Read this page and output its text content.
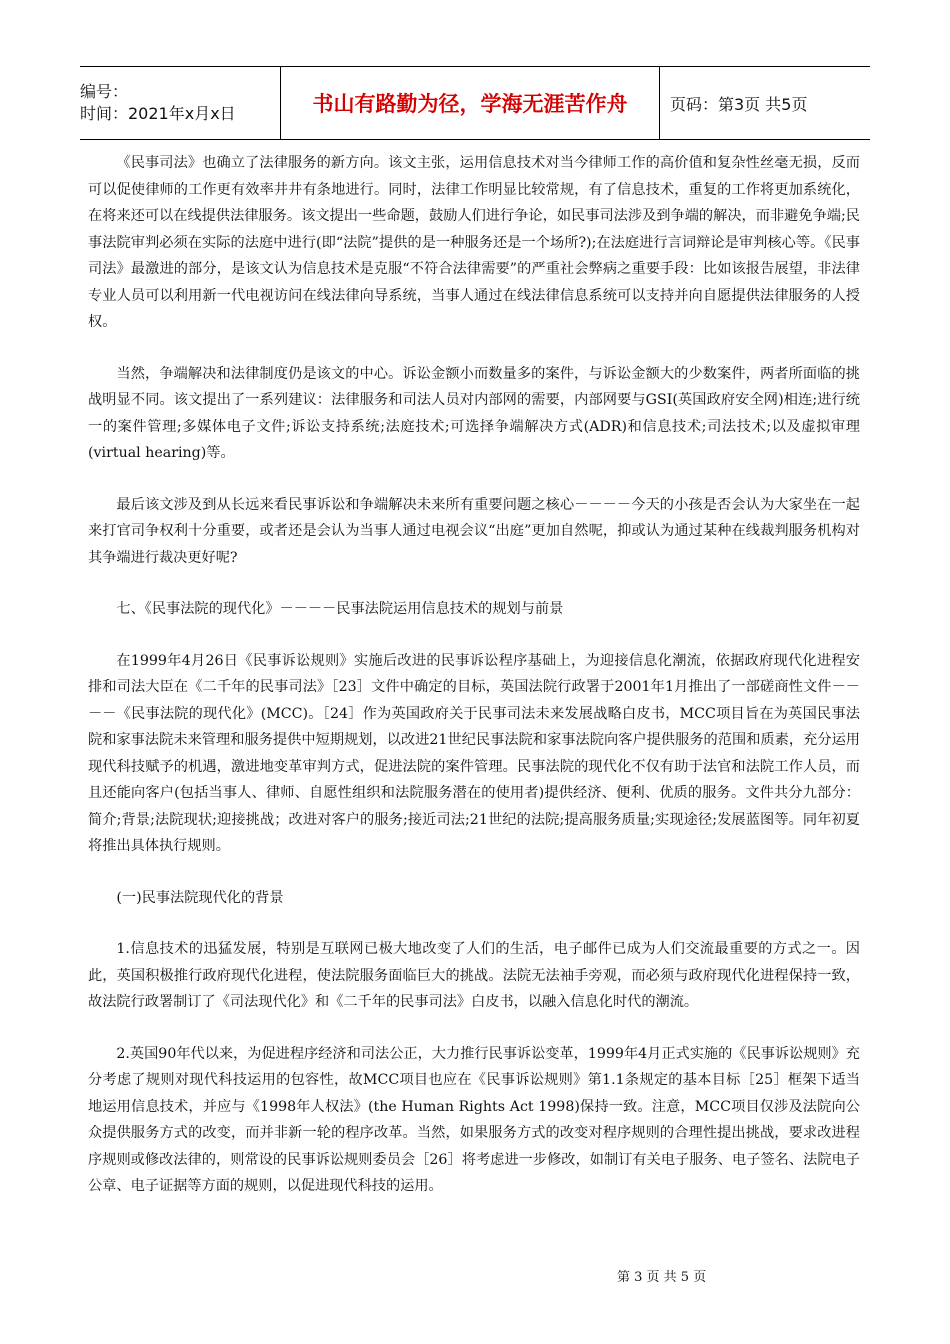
编号：
时间：2021年x月x日	书山有路勤为径，学海无涯苦作舟	页码：第3页 共5页

《民事司法》也确立了法律服务的新方向。该文主张，运用信息技术对当今律师工作的高价值和复杂性丝毫无损，反而可以促使律师的工作更有效率井井有条地进行。同时，法律工作明显比较常规，有了信息技术，重复的工作将更加系统化，在将来还可以在线提供法律服务。该文提出一些命题，鼓励人们进行争论，如民事司法涉及到争端的解决，而非避免争端;民事法院审判必须在实际的法庭中进行(即“法院”提供的是一种服务还是一个场所?);在法庭进行言词辩论是审判核心等。《民事司法》最激进的部分，是该文认为信息技术是克服“不符合法律需要”的严重社会弊病之重要手段：比如该报告展望，非法律专业人员可以利用新一代电视访问在线法律向导系统，当事人通过在线法律信息系统可以支持并向自愿提供法律服务的人授权。

当然，争端解决和法律制度仍是该文的中心。诉讼金额小而数量多的案件，与诉讼金额大的少数案件，两者所面临的挑战明显不同。该文提出了一系列建议：法律服务和司法人员对内部网的需要，内部网要与GSI(英国政府安全网)相连;进行统一的案件管理;多媒体电子文件;诉讼支持系统;法庭技术;可选择争端解决方式(ADR)和信息技术;司法技术;以及虚拟审理(virtual hearing)等。

最后该文涉及到从长远来看民事诉讼和争端解决未来所有重要问题之核心－－－－今天的小孩是否会认为大家坐在一起来打官司争权利十分重要，或者还是会认为当事人通过电视会议“出庭”更加自然呢，抑或认为通过某种在线裁判服务机构对其争端进行裁决更好呢?

七、《民事法院的现代化》－－－－民事法院运用信息技术的规划与前景

在1999年4月26日《民事诉讼规则》实施后改进的民事诉讼程序基础上，为迎接信息化潮流，依据政府现代化进程安排和司法大臣在《二千年的民事司法》［23］文件中确定的目标，英国法院行政署于2001年1月推出了一部磋商性文件－－－－《民事法院的现代化》(MCC)。［24］作为英国政府关于民事司法未来发展战略白皮书，MCC项目旨在为英国民事法院和家事法院未来管理和服务提供中短期规划，以改进21世纪民事法院和家事法院向客户提供服务的范围和质素，充分运用现代科技赋予的机遇，激进地变革审判方式，促进法院的案件管理。民事法院的现代化不仅有助于法官和法院工作人员，而且还能向客户(包括当事人、律师、自愿性组织和法院服务潜在的使用者)提供经济、便利、优质的服务。文件共分九部分：简介;背景;法院现状;迎接挑战；改进对客户的服务;接近司法;21世纪的法院;提高服务质量;实现途径;发展蓝图等。同年初夏将推出具体执行规则。

(一)民事法院现代化的背景

1.信息技术的迅猛发展，特别是互联网已极大地改变了人们的生活，电子邮件已成为人们交流最重要的方式之一。因此，英国积极推行政府现代化进程，使法院服务面临巨大的挑战。法院无法袖手旁观，而必须与政府现代化进程保持一致，故法院行政署制订了《司法现代化》和《二千年的民事司法》白皮书，以融入信息化时代的潮流。

2.英国90年代以来，为促进程序经济和司法公正，大力推行民事诉讼变革，1999年4月正式实施的《民事诉讼规则》充分考虑了规则对现代科技运用的包容性，故MCC项目也应在《民事诉讼规则》第1.1条规定的基本目标［25］框架下适当地运用信息技术，并应与《1998年人权法》(the Human Rights Act 1998)保持一致。注意，MCC项目仅涉及法院向公众提供服务方式的改变，而并非新一轮的程序改革。当然，如果服务方式的改变对程序规则的合理性提出挑战，要求改进程序规则或修改法律的，则常设的民事诉讼规则委员会［26］将考虑进一步修改，如制订有关电子服务、电子签名、法院电子公章、电子证据等方面的规则，以促进现代科技的运用。

第 3 页 共 5 页
